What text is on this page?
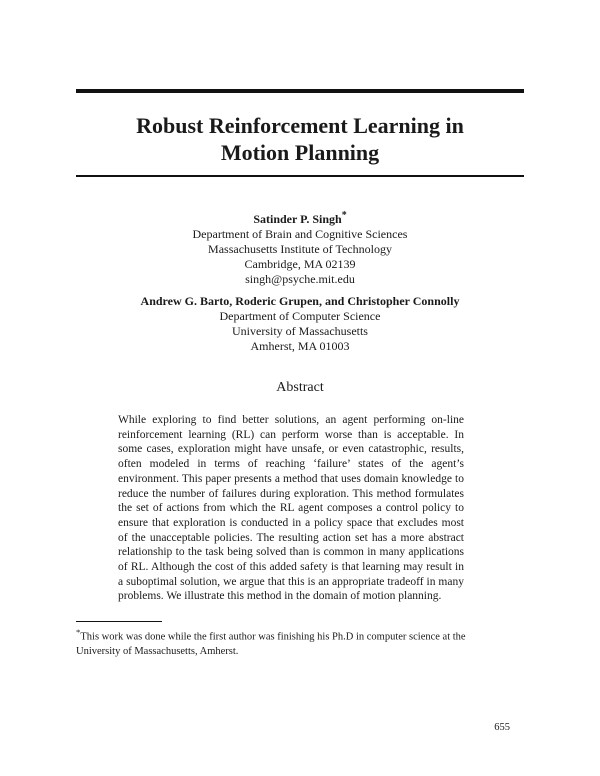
Robust Reinforcement Learning in
Motion Planning
Satinder P. Singh*
Department of Brain and Cognitive Sciences
Massachusetts Institute of Technology
Cambridge, MA 02139
singh@psyche.mit.edu
Andrew G. Barto, Roderic Grupen, and Christopher Connolly
Department of Computer Science
University of Massachusetts
Amherst, MA 01003
Abstract
While exploring to find better solutions, an agent performing on-line reinforcement learning (RL) can perform worse than is acceptable. In some cases, exploration might have unsafe, or even catastrophic, results, often modeled in terms of reaching ‘failure’ states of the agent’s environment. This paper presents a method that uses domain knowledge to reduce the number of failures during exploration. This method formulates the set of actions from which the RL agent composes a control policy to ensure that exploration is conducted in a policy space that excludes most of the unacceptable policies. The resulting action set has a more abstract relationship to the task being solved than is common in many applications of RL. Although the cost of this added safety is that learning may result in a suboptimal solution, we argue that this is an appropriate tradeoff in many problems. We illustrate this method in the domain of motion planning.
*This work was done while the first author was finishing his Ph.D in computer science at the University of Massachusetts, Amherst.
655
